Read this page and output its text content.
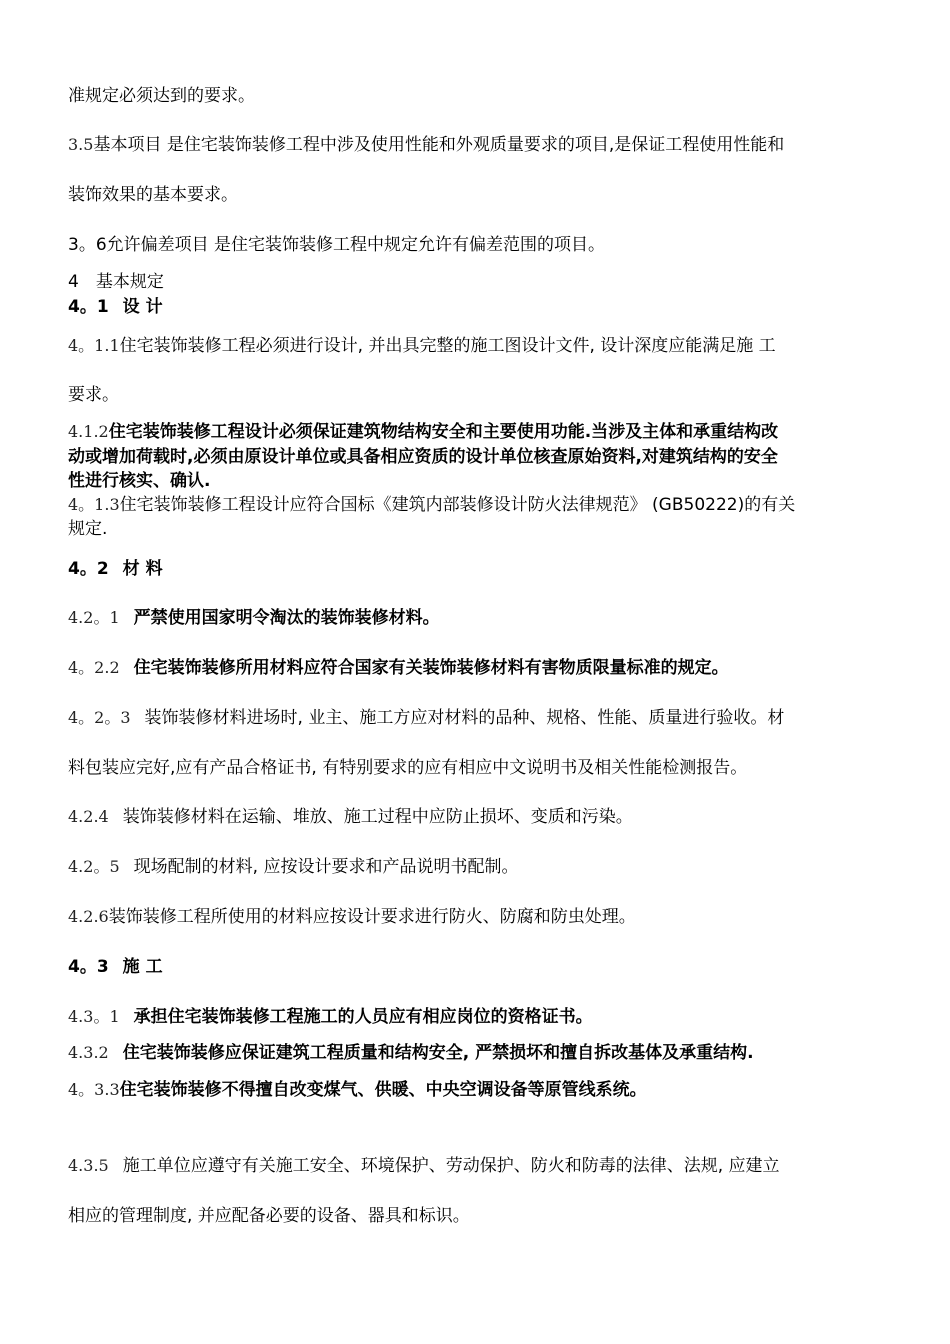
准规定必须达到的要求。
3.5基本项目 是住宅装饰装修工程中涉及使用性能和外观质量要求的项目,是保证工程使用性能和
装饰效果的基本要求。
3。6允许偏差项目 是住宅装饰装修工程中规定允许有偏差范围的项目。
4　基本规定
4。1 设 计
4。1.1住宅装饰装修工程必须进行设计, 并出具完整的施工图设计文件, 设计深度应能满足施 工
要求。
4.1.2住宅装饰装修工程设计必须保证建筑物结构安全和主要使用功能.当涉及主体和承重结构改
动或增加荷载时,必须由原设计单位或具备相应资质的设计单位核查原始资料,对建筑结构的安全
性进行核实、确认.
4。1.3住宅装饰装修工程设计应符合国标《建筑内部装修设计防火法律规范》 (GB50222)的有关
规定.
4。2 材 料
4.2。1 严禁使用国家明令淘汰的装饰装修材料。
4。2.2 住宅装饰装修所用材料应符合国家有关装饰装修材料有害物质限量标准的规定。
4。2。3 装饰装修材料进场时, 业主、施工方应对材料的品种、规格、性能、质量进行验收。材
料包装应完好,应有产品合格证书, 有特别要求的应有相应中文说明书及相关性能检测报告。
4.2.4 装饰装修材料在运输、堆放、施工过程中应防止损坏、变质和污染。
4.2。5 现场配制的材料, 应按设计要求和产品说明书配制。
4.2.6装饰装修工程所使用的材料应按设计要求进行防火、防腐和防虫处理。
4。3 施 工
4.3。1 承担住宅装饰装修工程施工的人员应有相应岗位的资格证书。
4.3.2 住宅装饰装修应保证建筑工程质量和结构安全, 严禁损坏和擅自拆改基体及承重结构.
4。3.3住宅装饰装修不得擅自改变煤气、供暖、中央空调设备等原管线系统。
4.3.5 施工单位应遵守有关施工安全、环境保护、劳动保护、防火和防毒的法律、法规, 应建立
相应的管理制度, 并应配备必要的设备、器具和标识。
